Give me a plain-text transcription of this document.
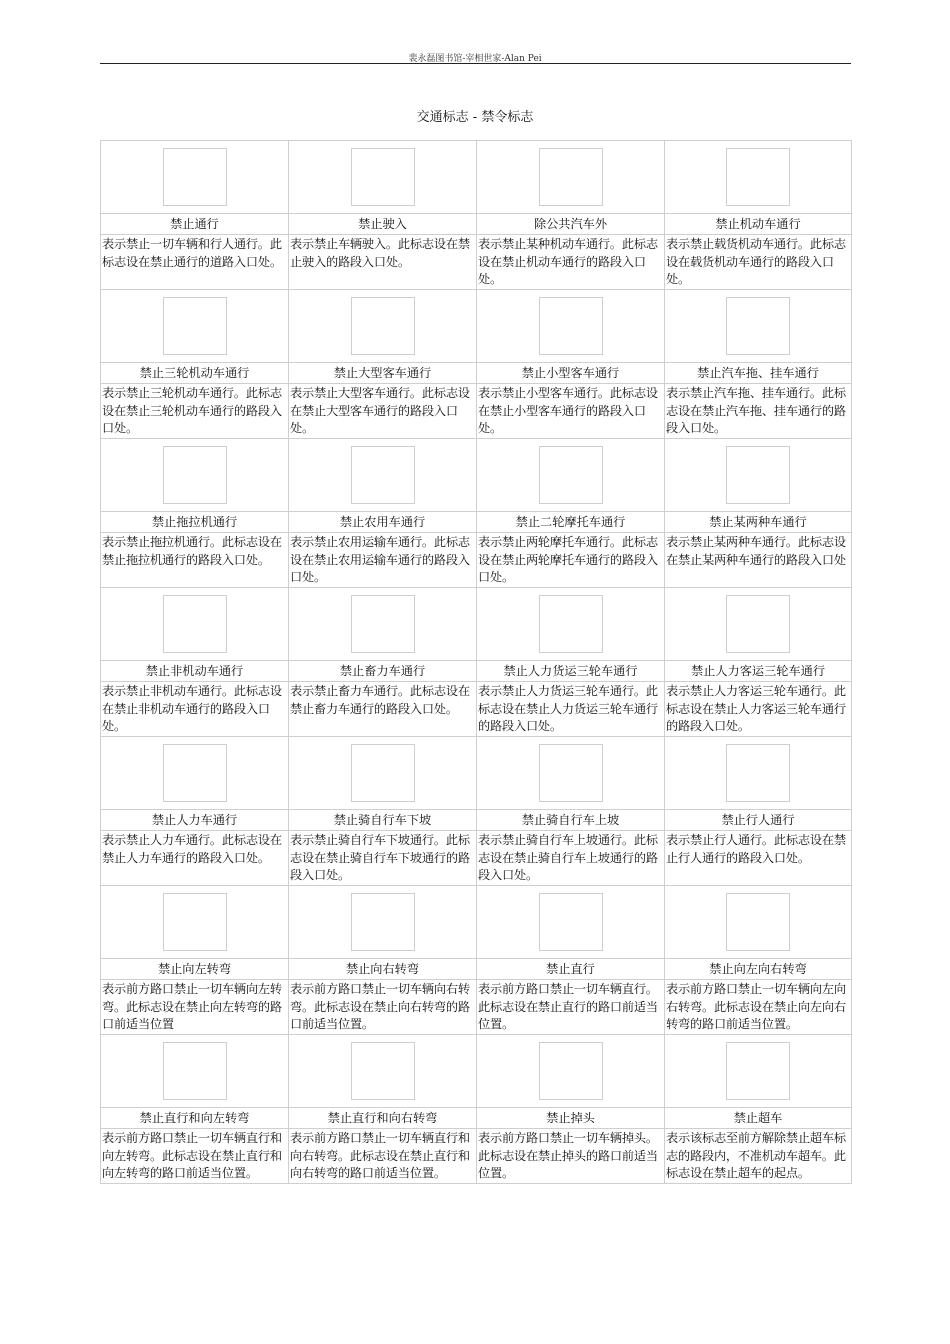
裴永磊图书馆-宰相世家-Alan Pei
交通标志 - 禁令标志

禁止通行	禁止驶入	除公共汽车外	禁止机动车通行
表示禁止一切车辆和行人通行。此标志设在禁止通行的道路入口处。	表示禁止车辆驶入。此标志设在禁止驶入的路段入口处。	表示禁止某种机动车通行。此标志设在禁止机动车通行的路段入口处。	表示禁止载货机动车通行。此标志设在载货机动车通行的路段入口处。

禁止三轮机动车通行	禁止大型客车通行	禁止小型客车通行	禁止汽车拖、挂车通行
表示禁止三轮机动车通行。此标志设在禁止三轮机动车通行的路段入口处。	表示禁止大型客车通行。此标志设在禁止大型客车通行的路段入口处。	表示禁止小型客车通行。此标志设在禁止小型客车通行的路段入口处。	表示禁止汽车拖、挂车通行。此标志设在禁止汽车拖、挂车通行的路段入口处。

禁止拖拉机通行	禁止农用车通行	禁止二轮摩托车通行	禁止某两种车通行
表示禁止拖拉机通行。此标志设在禁止拖拉机通行的路段入口处。	表示禁止农用运输车通行。此标志设在禁止农用运输车通行的路段入口处。	表示禁止两轮摩托车通行。此标志设在禁止两轮摩托车通行的路段入口处。	表示禁止某两种车通行。此标志设在禁止某两种车通行的路段入口处

禁止非机动车通行	禁止畜力车通行	禁止人力货运三轮车通行	禁止人力客运三轮车通行
表示禁止非机动车通行。此标志设在禁止非机动车通行的路段入口处。	表示禁止畜力车通行。此标志设在禁止畜力车通行的路段入口处。	表示禁止人力货运三轮车通行。此标志设在禁止人力货运三轮车通行的路段入口处。	表示禁止人力客运三轮车通行。此标志设在禁止人力客运三轮车通行的路段入口处。

禁止人力车通行	禁止骑自行车下坡	禁止骑自行车上坡	禁止行人通行
表示禁止人力车通行。此标志设在禁止人力车通行的路段入口处。	表示禁止骑自行车下坡通行。此标志设在禁止骑自行车下坡通行的路段入口处。	表示禁止骑自行车上坡通行。此标志设在禁止骑自行车上坡通行的路段入口处。	表示禁止行人通行。此标志设在禁止行人通行的路段入口处。

禁止向左转弯	禁止向右转弯	禁止直行	禁止向左向右转弯
表示前方路口禁止一切车辆向左转弯。此标志设在禁止向左转弯的路口前适当位置	表示前方路口禁止一切车辆向右转弯。此标志设在禁止向右转弯的路口前适当位置。	表示前方路口禁止一切车辆直行。此标志设在禁止直行的路口前适当位置。	表示前方路口禁止一切车辆向左向右转弯。此标志设在禁止向左向右转弯的路口前适当位置。

禁止直行和向左转弯	禁止直行和向右转弯	禁止掉头	禁止超车
表示前方路口禁止一切车辆直行和向左转弯。此标志设在禁止直行和向左转弯的路口前适当位置。	表示前方路口禁止一切车辆直行和向右转弯。此标志设在禁止直行和向右转弯的路口前适当位置。	表示前方路口禁止一切车辆掉头。此标志设在禁止掉头的路口前适当位置。	表示该标志至前方解除禁止超车标志的路段内，不准机动车超车。此标志设在禁止超车的起点。
